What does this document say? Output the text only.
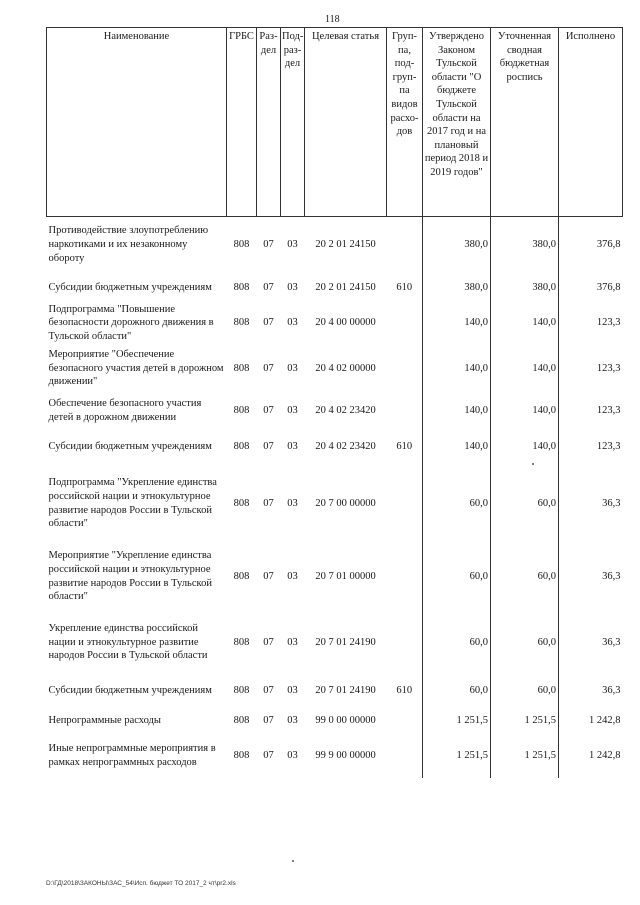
118
Наименование	ГРБС	Раз-дел	Под-раз-дел	Целевая статья	Груп-па, под-груп-па видов расхо-дов	Утверждено Законом Тульской области "О бюджете Тульской области на 2017 год и на плановый период 2018 и 2019 годов"	Уточненная сводная бюджетная роспись	Исполнено
Противодействие злоупотреблению наркотиками и их незаконному обороту	808	07	03	20 2 01 24150		380,0	380,0	376,8
Субсидии бюджетным учреждениям	808	07	03	20 2 01 24150	610	380,0	380,0	376,8
Подпрограмма "Повышение безопасности дорожного движения в Тульской области"	808	07	03	20 4 00 00000		140,0	140,0	123,3
Мероприятие "Обеспечение безопасного участия детей в дорожном движении"	808	07	03	20 4 02 00000		140,0	140,0	123,3
Обеспечение безопасного участия детей в дорожном движении	808	07	03	20 4 02 23420		140,0	140,0	123,3
Субсидии бюджетным учреждениям	808	07	03	20 4 02 23420	610	140,0	140,0	123,3
Подпрограмма "Укрепление единства российской нации и этнокультурное развитие народов России в Тульской области"	808	07	03	20 7 00 00000		60,0	60,0	36,3
Мероприятие "Укрепление единства российской нации и этнокультурное развитие народов России в Тульской области"	808	07	03	20 7 01 00000		60,0	60,0	36,3
Укрепление единства российской нации и этнокультурное развитие народов России в Тульской области	808	07	03	20 7 01 24190		60,0	60,0	36,3
Субсидии бюджетным учреждениям	808	07	03	20 7 01 24190	610	60,0	60,0	36,3
Непрограммные расходы	808	07	03	99 0 00 00000		1 251,5	1 251,5	1 242,8
Иные непрограммные мероприятия в рамках непрограммных расходов	808	07	03	99 9 00 00000		1 251,5	1 251,5	1 242,8
D:\ГД\2018\ЗАКОНЫ\ЗАС_54\Исп. бюджет ТО 2017_2 чт\pr2.xls
